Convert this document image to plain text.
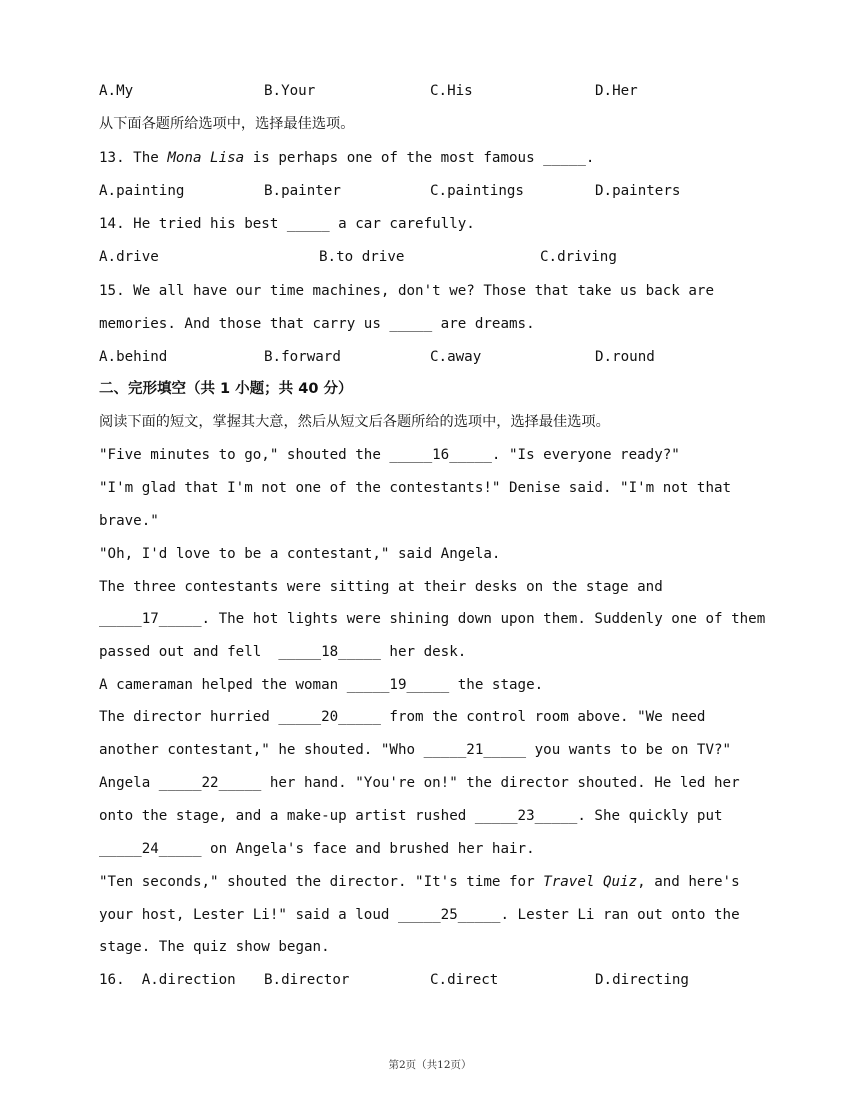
A.My	B.Your	C.His	D.Her
从下面各题所给选项中，选择最佳选项。
13. The Mona Lisa is perhaps one of the most famous _____.
A.painting	B.painter	C.paintings	D.painters
14. He tried his best _____ a car carefully.
A.drive	B.to drive	C.driving
15. We all have our time machines, don't we? Those that take us back are
memories. And those that carry us _____ are dreams.
A.behind	B.forward	C.away	D.round
二、完形填空（共 1 小题；共 40 分）
阅读下面的短文，掌握其大意，然后从短文后各题所给的选项中，选择最佳选项。
"Five minutes to go," shouted the _____16_____. "Is everyone ready?"
"I'm glad that I'm not one of the contestants!" Denise said. "I'm not that
brave."
"Oh, I'd love to be a contestant," said Angela.
The three contestants were sitting at their desks on the stage and
_____17_____. The hot lights were shining down upon them. Suddenly one of them
passed out and fell  _____18_____ her desk.
A cameraman helped the woman _____19_____ the stage.
The director hurried _____20_____ from the control room above. "We need
another contestant," he shouted. "Who _____21_____ you wants to be on TV?"
Angela _____22_____ her hand. "You're on!" the director shouted. He led her
onto the stage, and a make-up artist rushed _____23_____. She quickly put
_____24_____ on Angela's face and brushed her hair.
"Ten seconds," shouted the director. "It's time for Travel Quiz, and here's
your host, Lester Li!" said a loud _____25_____. Lester Li ran out onto the
stage. The quiz show began.
16.  A.direction B.director	C.direct	D.directing
第2页（共12页）
